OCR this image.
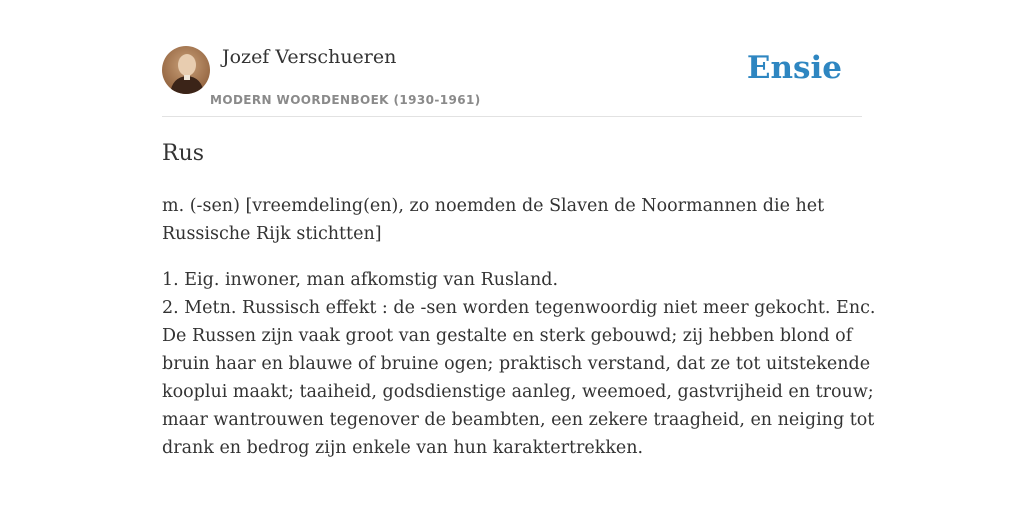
Jozef Verschueren
MODERN WOORDENBOEK (1930-1961)
Ensie
Rus

m. (-sen) [vreemdeling(en), zo noemden de Slaven de Noormannen die het
Russische Rijk stichtten]

1. Eig. inwoner, man afkomstig van Rusland.
2. Metn. Russisch effekt : de -sen worden tegenwoordig niet meer gekocht. Enc.
De Russen zijn vaak groot van gestalte en sterk gebouwd; zij hebben blond of
bruin haar en blauwe of bruine ogen; praktisch verstand, dat ze tot uitstekende
kooplui maakt; taaiheid, godsdienstige aanleg, weemoed, gastvrijheid en trouw;
maar wantrouwen tegenover de beambten, een zekere traagheid, en neiging tot
drank en bedrog zijn enkele van hun karaktertrekken.
